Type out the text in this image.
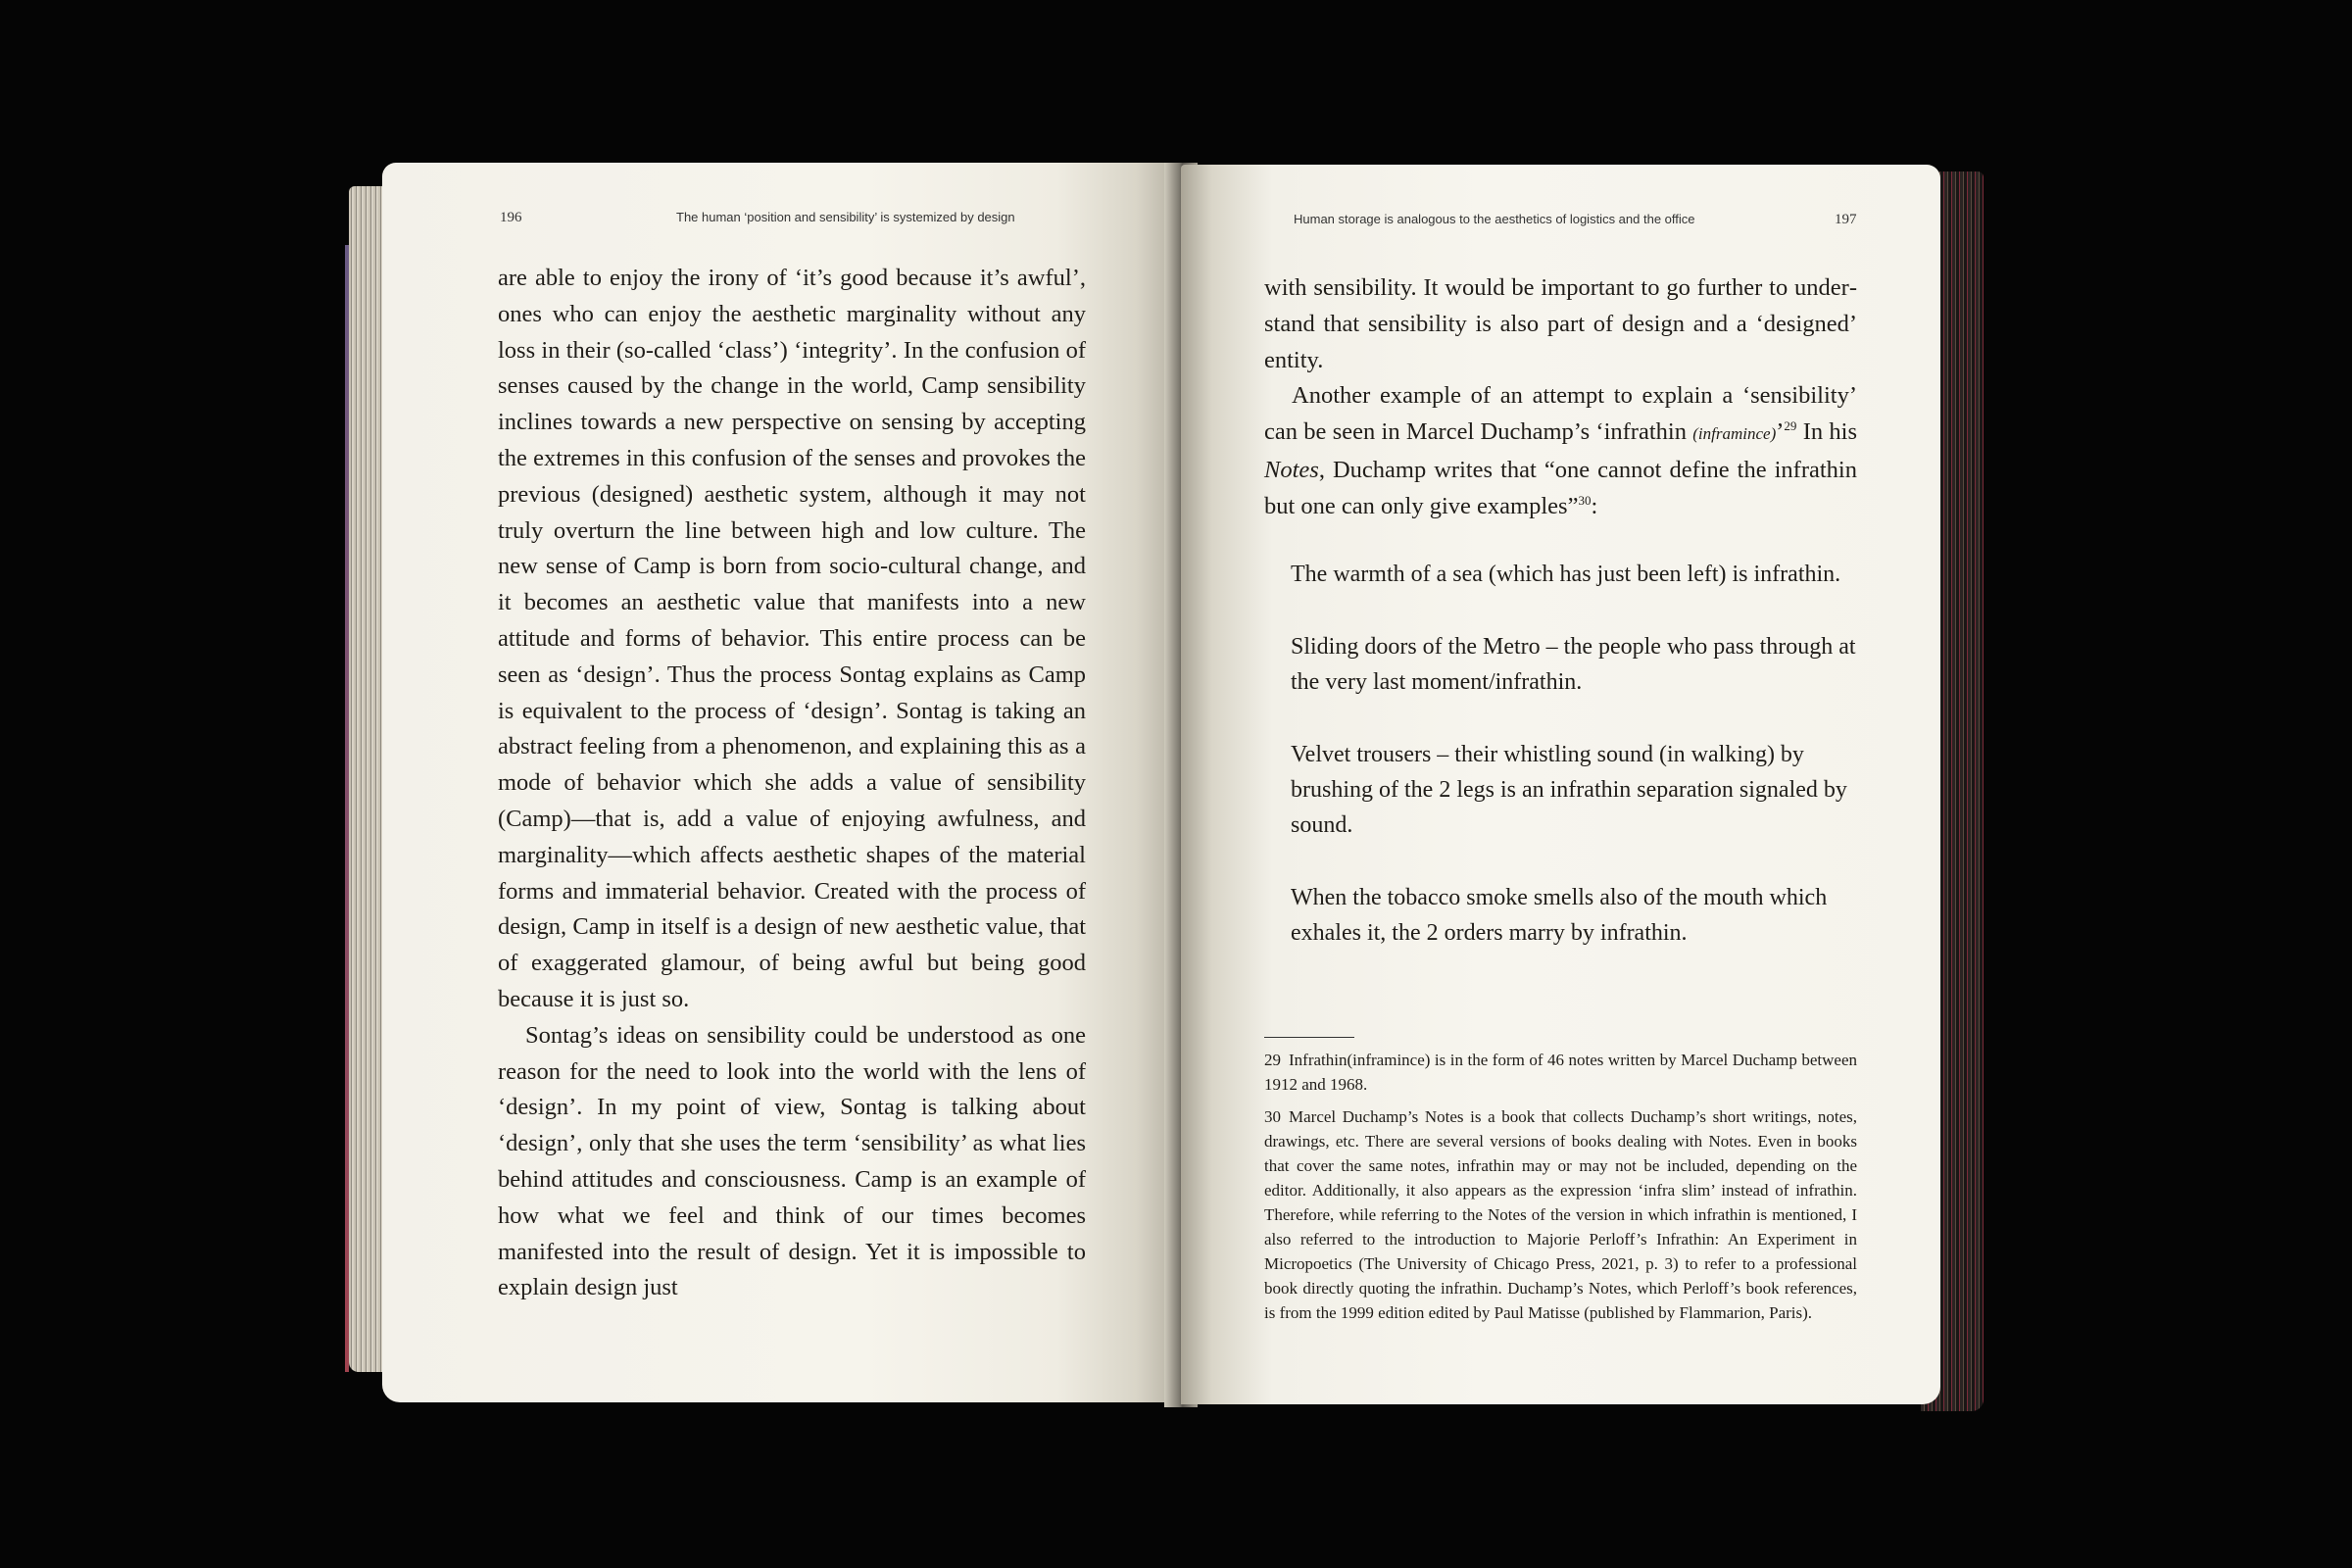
196	The human ‘position and sensibility’ is systemized by design

are able to enjoy the irony of ‘it’s good because it’s awful’, ones who can enjoy the aesthetic marginality without any loss in their (so-called ‘class’) ‘integrity’. In the confusion of senses caused by the change in the world, Camp sensibility inclines towards a new perspective on sensing by accepting the extremes in this confusion of the senses and provokes the previous (designed) aesthetic system, although it may not truly overturn the line between high and low culture. The new sense of Camp is born from socio-cultural change, and it becomes an aesthetic value that manifests into a new attitude and forms of behavior. This entire process can be seen as ‘design’. Thus the process Sontag explains as Camp is equivalent to the process of ‘design’. Sontag is taking an abstract feeling from a phenomenon, and explaining this as a mode of behavior which she adds a value of sensibility (Camp)—that is, add a value of enjoying awfulness, and marginality—which affects aesthetic shapes of the material forms and immaterial behavior. Created with the process of design, Camp in itself is a design of new aesthetic value, that of exaggerated glamour, of being awful but being good because it is just so.

Sontag’s ideas on sensibility could be understood as one reason for the need to look into the world with the lens of ‘design’. In my point of view, Sontag is talking about ‘design’, only that she uses the term ‘sensibility’ as what lies behind attitudes and consciousness. Camp is an example of how what we feel and think of our times becomes manifested into the result of design. Yet it is impossible to explain design just

Human storage is analogous to the aesthetics of logistics and the office	197

with sensibility. It would be important to go further to understand that sensibility is also part of design and a ‘designed’ entity.

Another example of an attempt to explain a ‘sensibility’ can be seen in Marcel Duchamp’s ‘infrathin (inframince)’$^{29}$ In his Notes, Duchamp writes that “one cannot define the infrathin but one can only give examples”$^{30}$:

The warmth of a sea (which has just been left) is infrathin.

Sliding doors of the Metro – the people who pass through at the very last moment/infrathin.

Velvet trousers – their whistling sound (in walking) by brushing of the 2 legs is an infrathin separation signaled by sound.

When the tobacco smoke smells also of the mouth which exhales it, the 2 orders marry by infrathin.

29 Infrathin(inframince) is in the form of 46 notes written by Marcel Duchamp between 1912 and 1968.

30 Marcel Duchamp’s Notes is a book that collects Duchamp’s short writings, notes, drawings, etc. There are several versions of books dealing with Notes. Even in books that cover the same notes, infrathin may or may not be included, depending on the editor. Additionally, it also appears as the expression ‘infra slim’ instead of infrathin. Therefore, while referring to the Notes of the version in which infrathin is mentioned, I also referred to the introduction to Majorie Perloff’s Infrathin: An Experiment in Micropoetics (The University of Chicago Press, 2021, p. 3) to refer to a professional book directly quoting the infrathin. Duchamp’s Notes, which Perloff’s book references, is from the 1999 edition edited by Paul Matisse (published by Flammarion, Paris).
